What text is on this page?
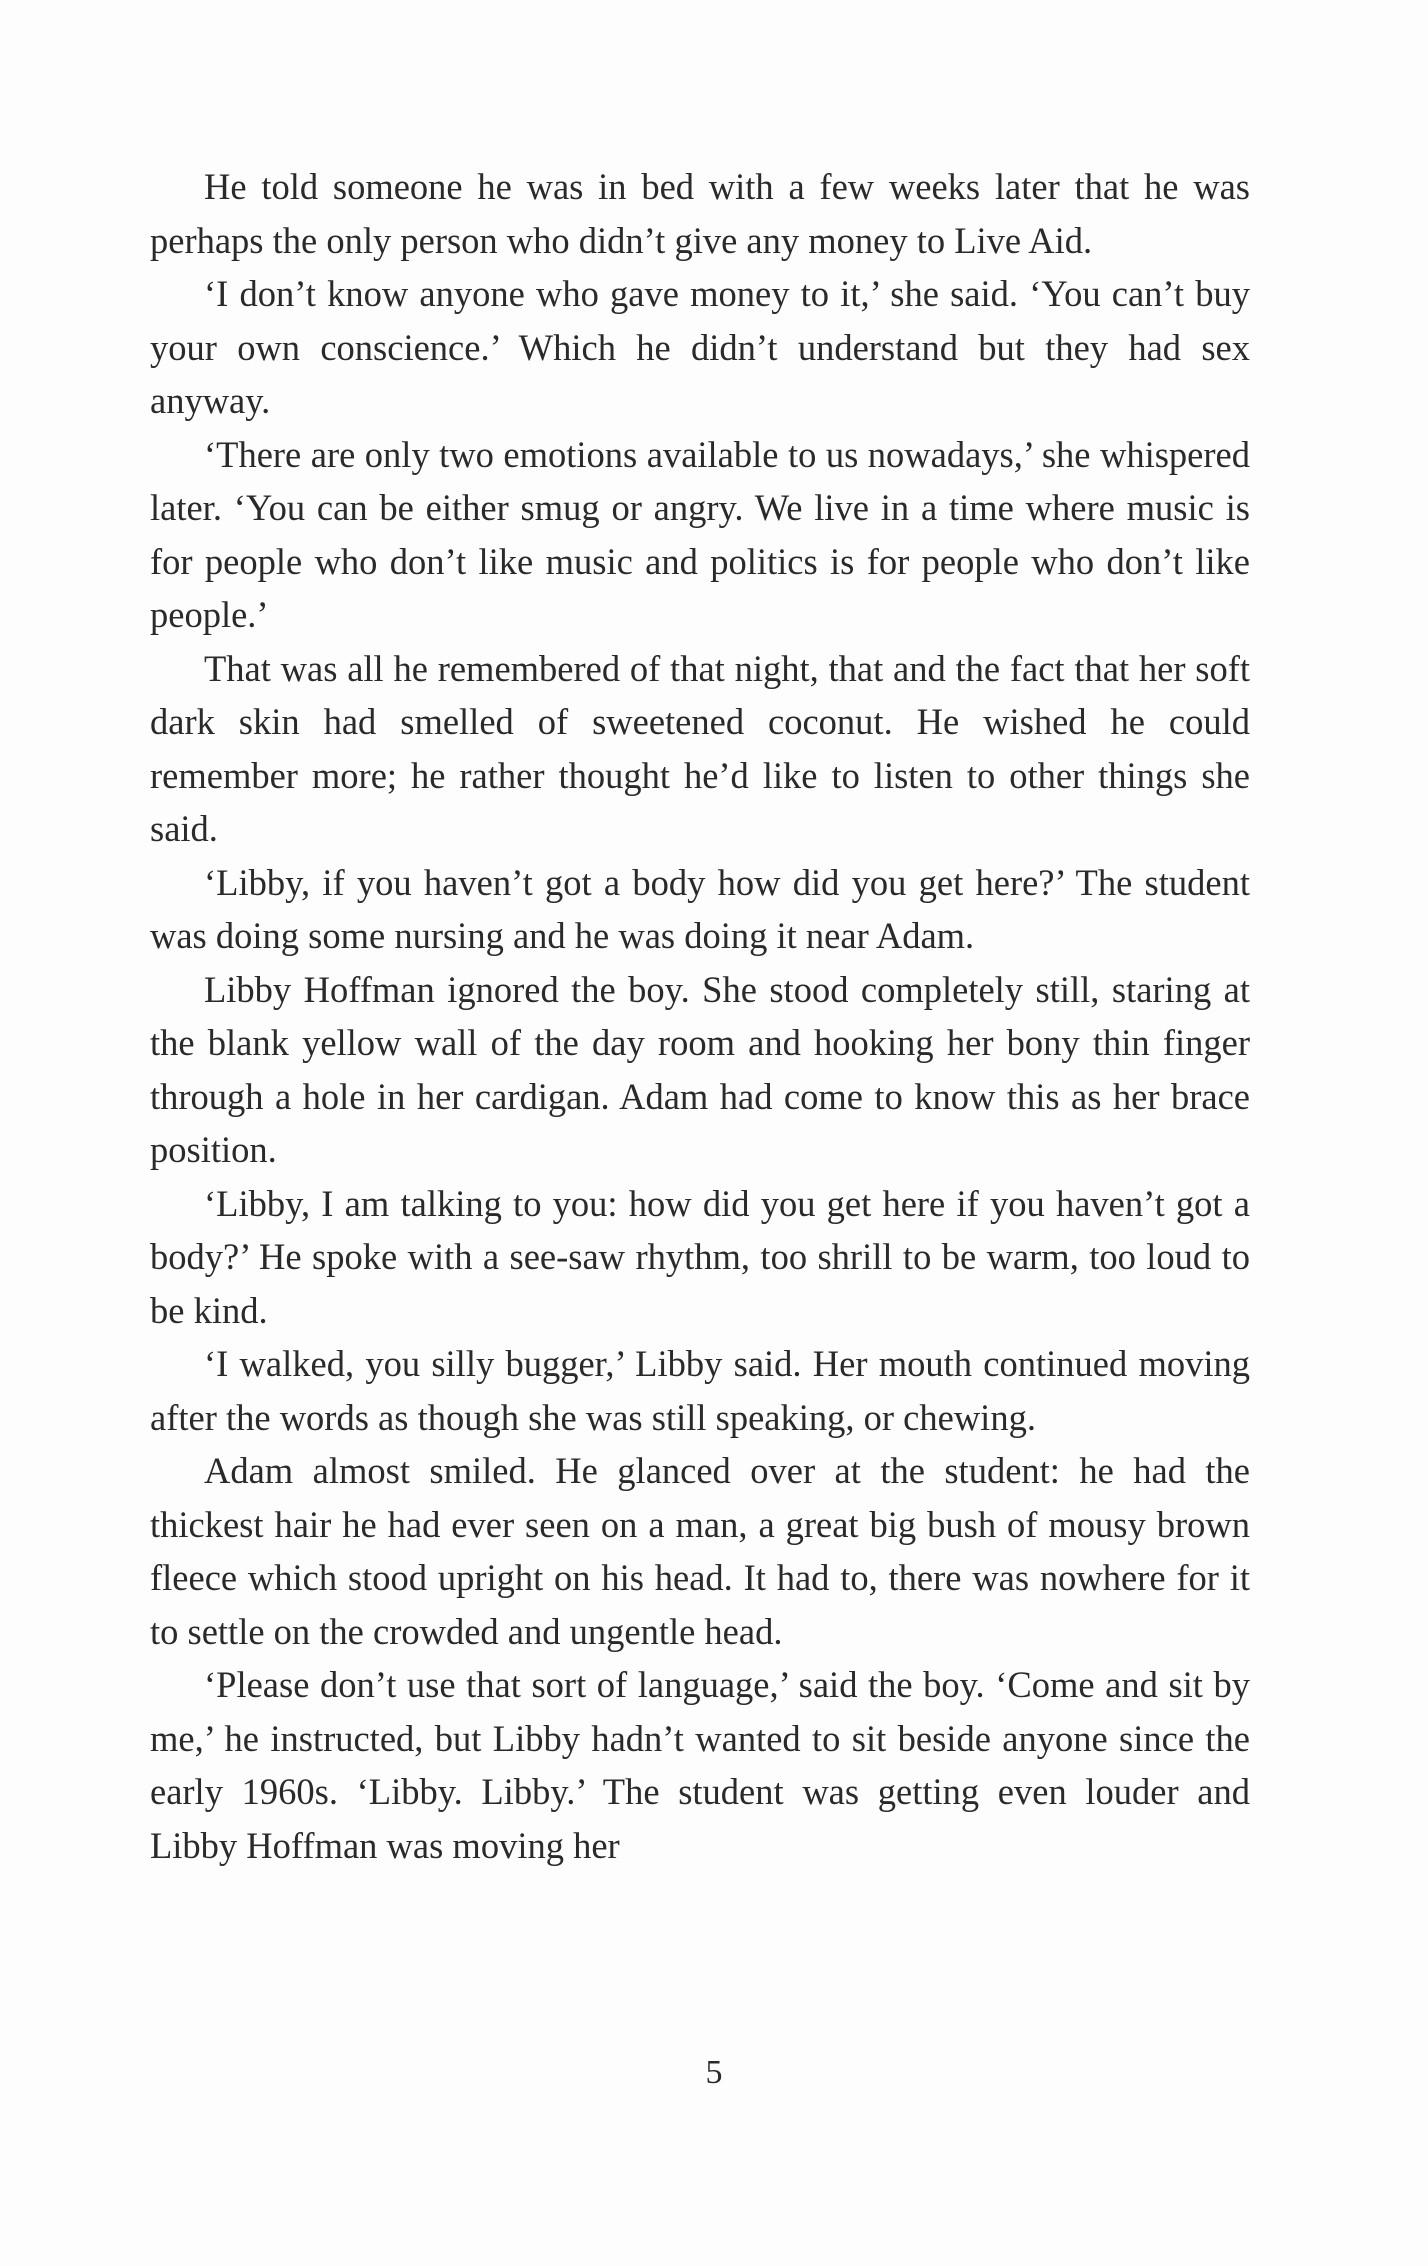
He told someone he was in bed with a few weeks later that he was perhaps the only person who didn’t give any money to Live Aid.

‘I don’t know anyone who gave money to it,’ she said. ‘You can’t buy your own conscience.’ Which he didn’t understand but they had sex anyway.

‘There are only two emotions available to us nowadays,’ she whispered later. ‘You can be either smug or angry. We live in a time where music is for people who don’t like music and politics is for people who don’t like people.’

That was all he remembered of that night, that and the fact that her soft dark skin had smelled of sweetened coconut. He wished he could remember more; he rather thought he’d like to listen to other things she said.

‘Libby, if you haven’t got a body how did you get here?’ The student was doing some nursing and he was doing it near Adam.

Libby Hoffman ignored the boy. She stood completely still, staring at the blank yellow wall of the day room and hooking her bony thin finger through a hole in her cardigan. Adam had come to know this as her brace position.

‘Libby, I am talking to you: how did you get here if you haven’t got a body?’ He spoke with a see-saw rhythm, too shrill to be warm, too loud to be kind.

‘I walked, you silly bugger,’ Libby said. Her mouth continued moving after the words as though she was still speaking, or chewing.

Adam almost smiled. He glanced over at the student: he had the thickest hair he had ever seen on a man, a great big bush of mousy brown fleece which stood upright on his head. It had to, there was nowhere for it to settle on the crowded and ungentle head.

‘Please don’t use that sort of language,’ said the boy. ‘Come and sit by me,’ he instructed, but Libby hadn’t wanted to sit beside anyone since the early 1960s. ‘Libby. Libby.’ The student was getting even louder and Libby Hoffman was moving her

5
